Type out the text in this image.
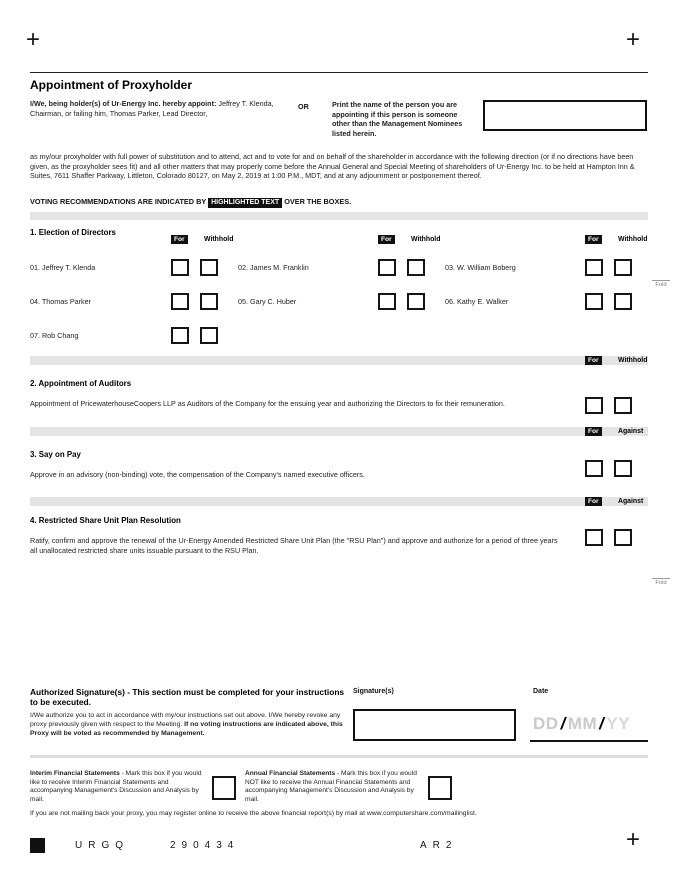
+	+
+
Appointment of Proxyholder
I/We, being holder(s) of Ur-Energy Inc. hereby appoint: Jeffrey T. Klenda,
Chairman, or failing him, Thomas Parker, Lead Director,
OR	Print the name of the person you are appointing if this person is someone other than the Management Nominees listed herein.
as my/our proxyholder with full power of substitution and to attend, act and to vote for and on behalf of the shareholder in accordance with the following direction (or if no directions have been given, as the proxyholder sees fit) and all other matters that may properly come before the Annual General and Special Meeting of shareholders of Ur-Energy Inc. to be held at Hampton Inn & Suites, 7611 Shaffer Parkway, Littleton, Colorado 80127, on May 2, 2019 at 1:00 P.M., MDT, and at any adjournment or postponement thereof.
VOTING RECOMMENDATIONS ARE INDICATED BY HIGHLIGHTED TEXT OVER THE BOXES.
1. Election of Directors
For	Withhold	For	Withhold	For	Withhold
01. Jeffrey T. Klenda	02. James M. Franklin	03. W. William Boberg
04. Thomas Parker	05. Gary C. Huber	06. Kathy E. Walker
07. Rob Chang
Fold
For	Withhold
2. Appointment of Auditors
Appointment of PricewaterhouseCoopers LLP as Auditors of the Company for the ensuing year and authorizing the Directors to fix their remuneration.
For	Against
3. Say on Pay
Approve in an advisory (non-binding) vote, the compensation of the Company's named executive officers.
For	Against
4. Restricted Share Unit Plan Resolution
Ratify, confirm and approve the renewal of the Ur-Energy Amended Restricted Share Unit Plan (the "RSU Plan") and approve and authorize for a period of three years all unallocated restricted share units issuable pursuant to the RSU Plan.
Fold
Authorized Signature(s) - This section must be completed for your instructions to be executed.
I/We authorize you to act in accordance with my/our instructions set out above. I/We hereby revoke any proxy previously given with respect to the Meeting. If no voting instructions are indicated above, this Proxy will be voted as recommended by Management.
Signature(s)	Date
DD / MM / YY
Interim Financial Statements - Mark this box if you would like to receive Interim Financial Statements and accompanying Management's Discussion and Analysis by mail.
Annual Financial Statements - Mark this box if you would NOT like to receive the Annual Financial Statements and accompanying Management's Discussion and Analysis by mail.
If you are not mailing back your proxy, you may register online to receive the above financial report(s) by mail at www.computershare.com/mailinglist.
URGQ	290434	AR2
